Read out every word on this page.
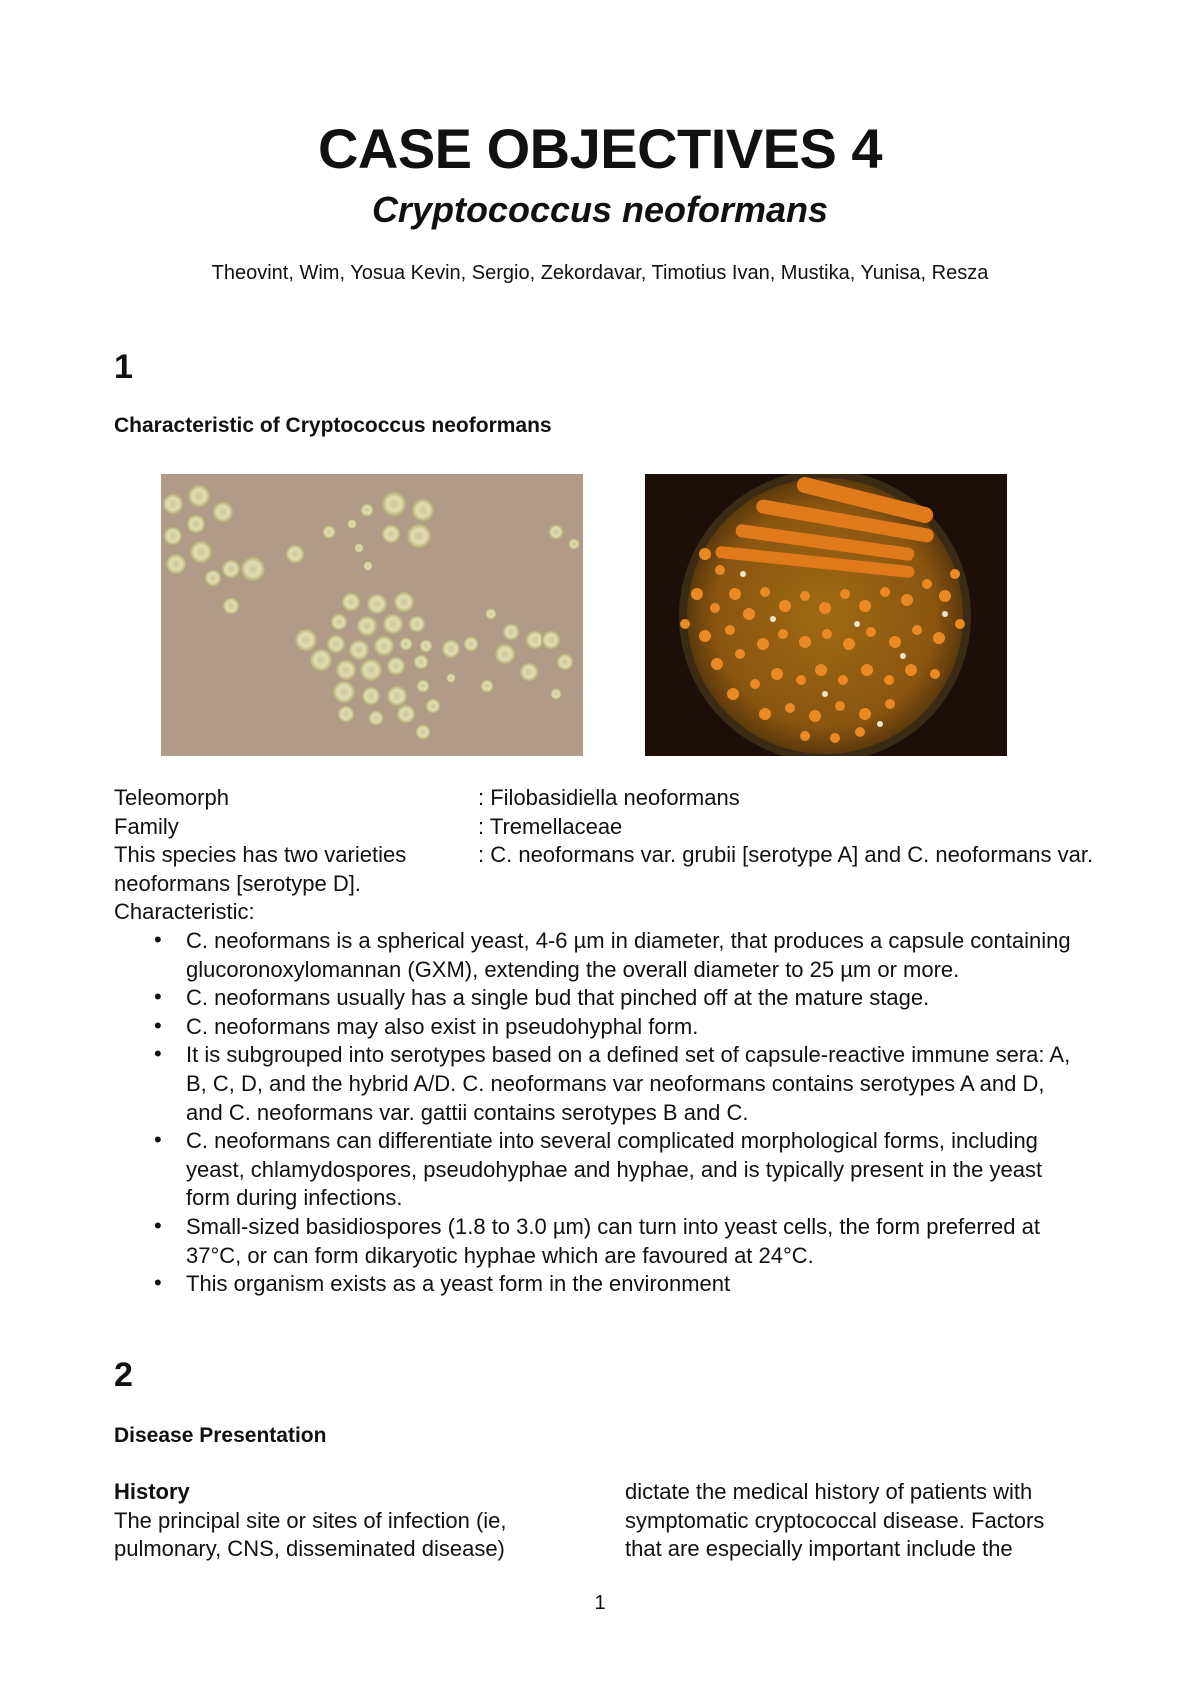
CASE OBJECTIVES 4
Cryptococcus neoformans

Theovint, Wim, Yosua Kevin, Sergio, Zekordavar, Timotius Ivan, Mustika, Yunisa, Resza

1
Characteristic of Cryptococcus neoformans
Teleomorph	: Filobasidiella neoformans
Family	: Tremellaceae

This species has two varieties	: C. neoformans var. grubii [serotype A] and C. neoformans var. neoformans [serotype D].

Characteristic:
• C. neoformans is a spherical yeast, 4-6 µm in diameter, that produces a capsule containing glucoronoxylomannan (GXM), extending the overall diameter to 25 µm or more.
• C. neoformans usually has a single bud that pinched off at the mature stage.
• C. neoformans may also exist in pseudohyphal form.
• It is subgrouped into serotypes based on a defined set of capsule-reactive immune sera: A, B, C, D, and the hybrid A/D. C. neoformans var neoformans contains serotypes A and D, and C. neoformans var. gattii contains serotypes B and C.
• C. neoformans can differentiate into several complicated morphological forms, including yeast, chlamydospores, pseudohyphae and hyphae, and is typically present in the yeast form during infections.
• Small-sized basidiospores (1.8 to 3.0 µm) can turn into yeast cells, the form preferred at 37°C, or can form dikaryotic hyphae which are favoured at 24°C.
• This organism exists as a yeast form in the environment
2
Disease Presentation
History
The principal site or sites of infection (ie, pulmonary, CNS, disseminated disease)
dictate the medical history of patients with symptomatic cryptococcal disease. Factors that are especially important include the
1
